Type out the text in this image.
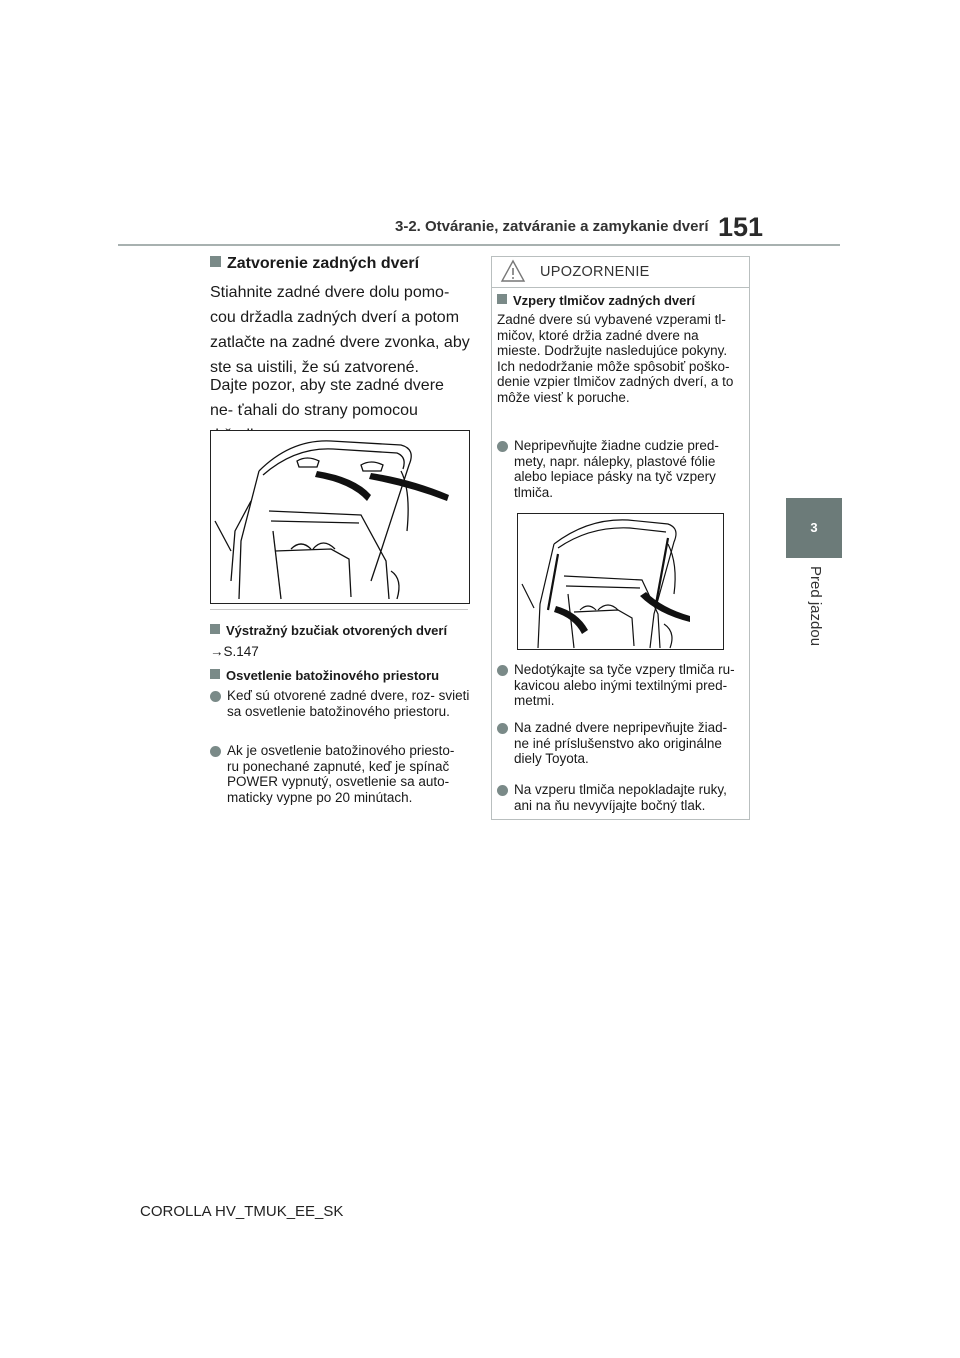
3-2. Otváranie, zatváranie a zamykanie dverí 151
3
Pred jazdou
Zatvorenie zadných dverí
Stiahnite zadné dvere dolu pomo- cou držadla zadných dverí a potom zatlačte na zadné dvere zvonka, aby ste sa uistili, že sú zatvorené.
Dajte pozor, aby ste zadné dvere ne- ťahali do strany pomocou
Výstražný bzučiak otvorených dverí
→S.147
Osvetlenie batožinového priestoru
Keď sú otvorené zadné dvere, roz- svieti sa osvetlenie batožinového priestoru.
Ak je osvetlenie batožinového priesto- ru ponechané zapnuté, keď je spínač POWER vypnutý, osvetlenie sa auto- maticky vypne po 20 minútach.
UPOZORNENIE
Vzpery tlmičov zadných dverí
Zadné dvere sú vybavené vzperami tl- mičov, ktoré držia zadné dvere na mieste. Dodržujte nasledujúce pokyny. Ich nedodržanie môže spôsobiť poško- denie vzpier tlmičov zadných dverí, a to môže viesť k poruche.
Nepripevňujte žiadne cudzie pred- mety, napr. nálepky, plastové fólie alebo lepiace pásky na tyč vzpery tlmiča.
Nedotýkajte sa tyče vzpery tlmiča ru- kavicou alebo inými textilnými pred- metmi.
Na zadné dvere nepripevňujte žiad- ne iné príslušenstvo ako originálne diely Toyota.
Na vzperu tlmiča nepokladajte ruky, ani na ňu nevyvíjajte bočný tlak.
COROLLA HV_TMUK_EE_SK
